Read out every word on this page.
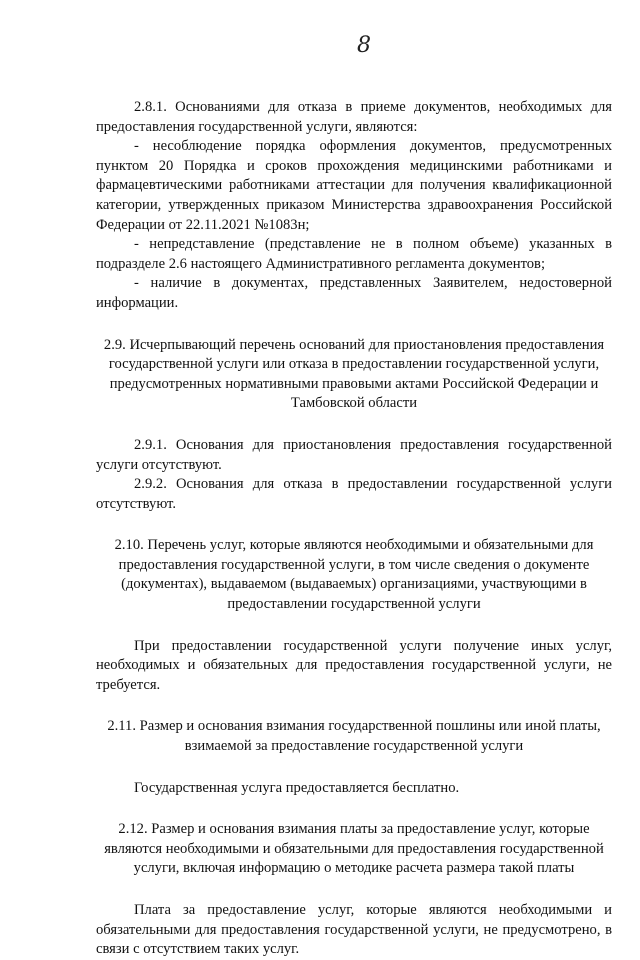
8

2.8.1. Основаниями для отказа в приеме документов, необходимых для предоставления государственной услуги, являются:

- несоблюдение порядка оформления документов, предусмотренных пунктом 20 Порядка и сроков прохождения медицинскими работниками и фармацевтическими работниками аттестации для получения квалификационной категории, утвержденных приказом Министерства здравоохранения Российской Федерации от 22.11.2021 №1083н;

- непредставление (представление не в полном объеме) указанных в подразделе 2.6 настоящего Административного регламента документов;

- наличие в документах, представленных Заявителем, недостоверной информации.

2.9. Исчерпывающий перечень оснований для приостановления предоставления государственной услуги или отказа в предоставлении государственной услуги, предусмотренных нормативными правовыми актами Российской Федерации и Тамбовской области

2.9.1. Основания для приостановления предоставления государственной услуги отсутствуют.

2.9.2. Основания для отказа в предоставлении государственной услуги отсутствуют.

2.10. Перечень услуг, которые являются необходимыми и обязательными для предоставления государственной услуги, в том числе сведения о документе (документах), выдаваемом (выдаваемых) организациями, участвующими в предоставлении государственной услуги

При предоставлении государственной услуги получение иных услуг, необходимых и обязательных для предоставления государственной услуги, не требуется.

2.11. Размер и основания взимания государственной пошлины или иной платы, взимаемой за предоставление государственной услуги

Государственная услуга предоставляется бесплатно.

2.12. Размер и основания взимания платы за предоставление услуг, которые являются необходимыми и обязательными для предоставления государственной услуги, включая информацию о методике расчета размера такой платы

Плата за предоставление услуг, которые являются необходимыми и обязательными для предоставления государственной услуги, не предусмотрено, в связи с отсутствием таких услуг.
